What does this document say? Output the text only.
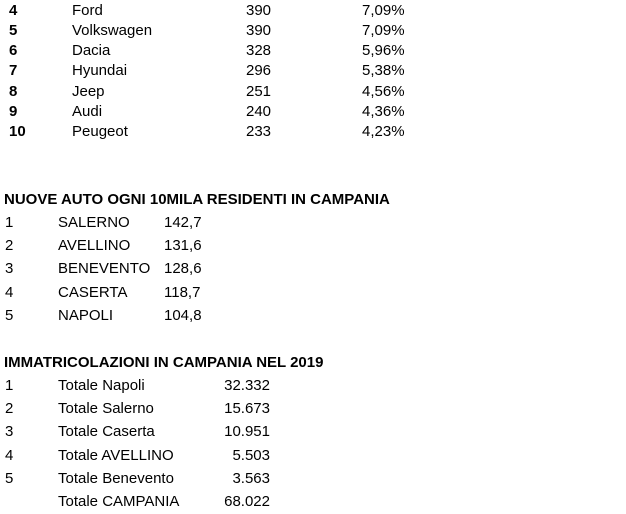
4	Ford	390	7,09%
5	Volkswagen	390	7,09%
6	Dacia	328	5,96%
7	Hyundai	296	5,38%
8	Jeep	251	4,56%
9	Audi	240	4,36%
10	Peugeot	233	4,23%
NUOVE AUTO OGNI 10MILA RESIDENTI IN CAMPANIA
1	SALERNO 142,7
2	AVELLINO 131,6
3	BENEVENTO 128,6
4	CASERTA 118,7
5	NAPOLI	104,8
IMMATRICOLAZIONI IN CAMPANIA NEL 2019
1	Totale Napoli	32.332
2	Totale Salerno	15.673
3	Totale Caserta	10.951
4	Totale AVELLINO	5.503
5	Totale Benevento	3.563
Totale CAMPANIA	68.022
